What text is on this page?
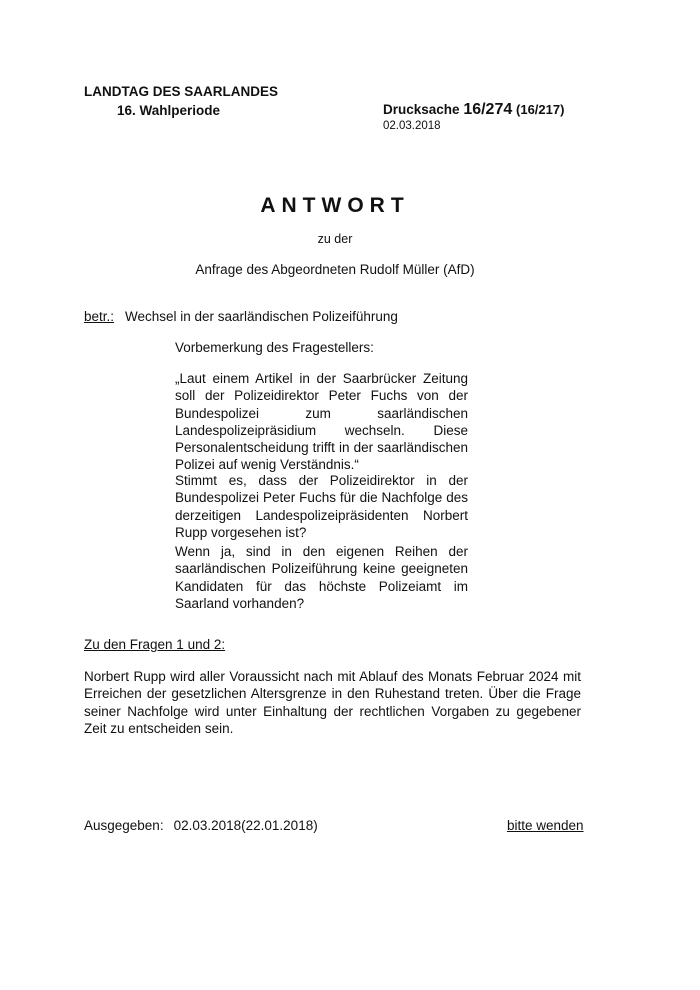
LANDTAG DES SAARLANDES
16. Wahlperiode	Drucksache 16/274 (16/217)
02.03.2018
ANTWORT
zu der
Anfrage des Abgeordneten Rudolf Müller (AfD)
betr.: Wechsel in der saarländischen Polizeiführung
Vorbemerkung des Fragestellers:
„Laut einem Artikel in der Saarbrücker Zeitung soll der Polizeidirektor Peter Fuchs von der Bundespolizei zum saarländischen Landespolizeipräsidium wechseln. Diese Personalentscheidung trifft in der saarländischen Polizei auf wenig Verständnis.“
Stimmt es, dass der Polizeidirektor in der Bundespolizei Peter Fuchs für die Nachfolge des derzeitigen Landespolizeipräsidenten Norbert Rupp vorgesehen ist?
Wenn ja, sind in den eigenen Reihen der saarländischen Polizeiführung keine geeigneten Kandidaten für das höchste Polizeiamt im Saarland vorhanden?
Zu den Fragen 1 und 2:
Norbert Rupp wird aller Voraussicht nach mit Ablauf des Monats Februar 2024 mit Erreichen der gesetzlichen Altersgrenze in den Ruhestand treten. Über die Frage seiner Nachfolge wird unter Einhaltung der rechtlichen Vorgaben zu gegebener Zeit zu entscheiden sein.
Ausgegeben: 02.03.2018(22.01.2018)	bitte wenden
